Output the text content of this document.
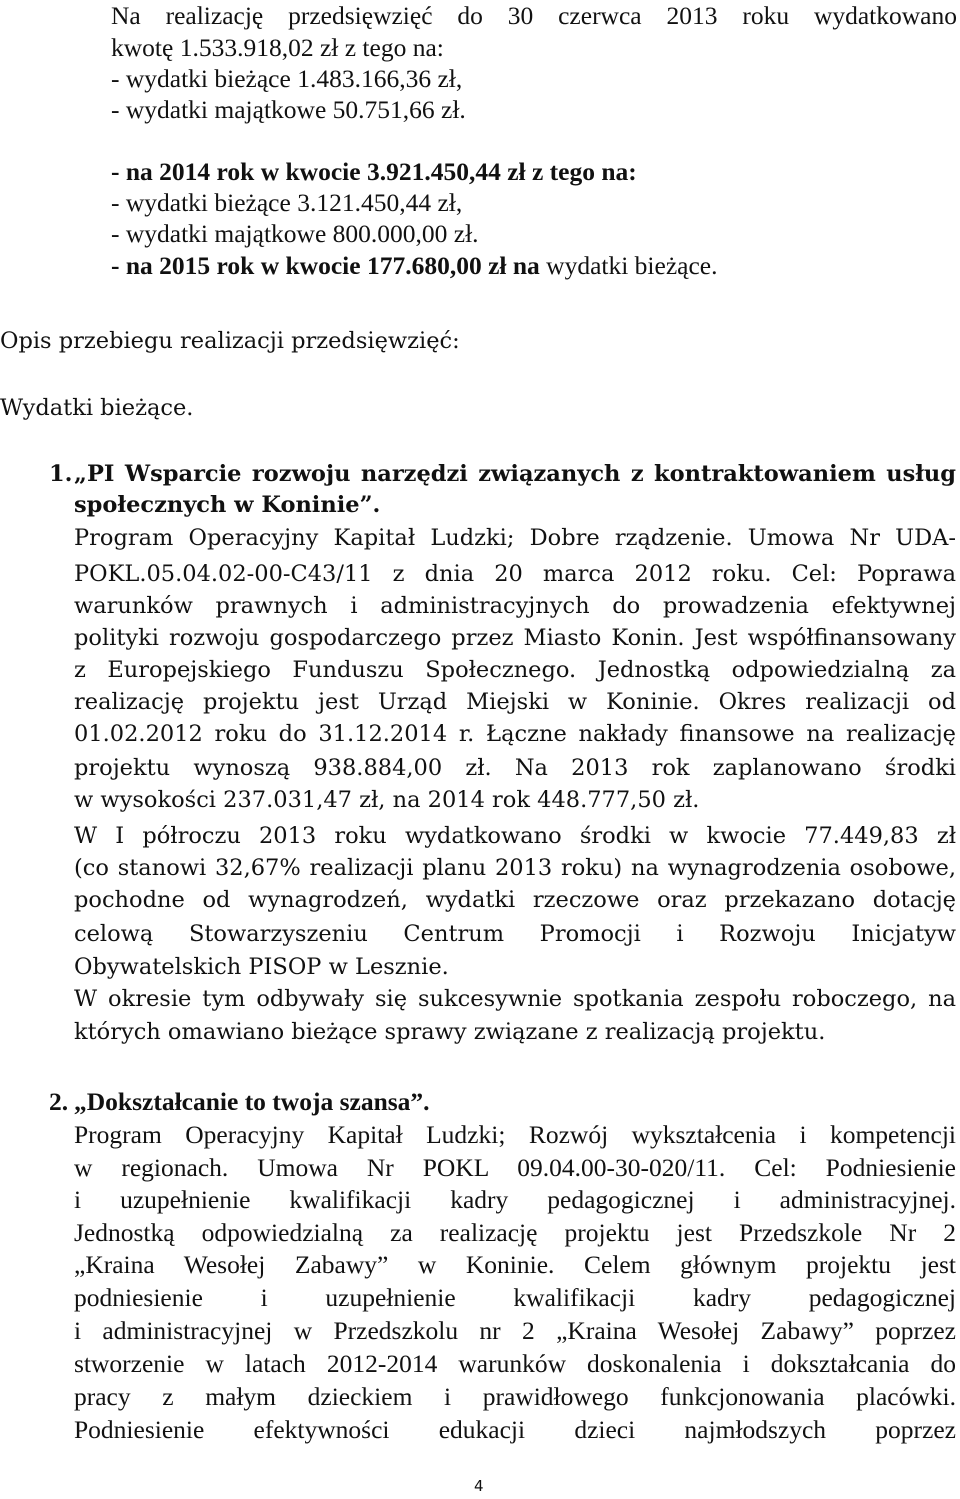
Na realizację przedsięwzięć do 30 czerwca 2013 roku wydatkowano
kwotę 1.533.918,02 zł z tego na:
- wydatki bieżące 1.483.166,36 zł,
- wydatki majątkowe 50.751,66 zł.
- na 2014 rok w kwocie 3.921.450,44 zł z tego na:
- wydatki bieżące 3.121.450,44 zł,
- wydatki majątkowe 800.000,00 zł.
- na 2015 rok w kwocie 177.680,00 zł na wydatki bieżące.
Opis przebiegu realizacji przedsięwzięć:
Wydatki bieżące.
1. „PI Wsparcie rozwoju narzędzi związanych z kontraktowaniem usług
społecznych w Koninie”.
Program Operacyjny Kapitał Ludzki; Dobre rządzenie. Umowa Nr UDA-
POKL.05.04.02-00-C43/11 z dnia 20 marca 2012 roku. Cel: Poprawa
warunków prawnych i administracyjnych do prowadzenia efektywnej
polityki rozwoju gospodarczego przez Miasto Konin. Jest współfinansowany
z Europejskiego Funduszu Społecznego. Jednostką odpowiedzialną za
realizację projektu jest Urząd Miejski w Koninie. Okres realizacji od
01.02.2012 roku do 31.12.2014 r. Łączne nakłady finansowe na realizację
projektu wynoszą 938.884,00 zł. Na 2013 rok zaplanowano środki
w wysokości 237.031,47 zł, na 2014 rok 448.777,50 zł.
W I półroczu 2013 roku wydatkowano środki w kwocie 77.449,83 zł
(co stanowi 32,67% realizacji planu 2013 roku) na wynagrodzenia osobowe,
pochodne od wynagrodzeń, wydatki rzeczowe oraz przekazano dotację
celową Stowarzyszeniu Centrum Promocji i Rozwoju Inicjatyw
Obywatelskich PISOP w Lesznie.
W okresie tym odbywały się sukcesywnie spotkania zespołu roboczego, na
których omawiano bieżące sprawy związane z realizacją projektu.
2. „Dokształcanie to twoja szansa”.
Program Operacyjny Kapitał Ludzki; Rozwój wykształcenia i kompetencji
w regionach. Umowa Nr POKL 09.04.00-30-020/11. Cel: Podniesienie
i uzupełnienie kwalifikacji kadry pedagogicznej i administracyjnej.
Jednostką odpowiedzialną za realizację projektu jest Przedszkole Nr 2
„Kraina Wesołej Zabawy” w Koninie. Celem głównym projektu jest
podniesienie i uzupełnienie kwalifikacji kadry pedagogicznej
i administracyjnej w Przedszkolu nr 2 „Kraina Wesołej Zabawy” poprzez
stworzenie w latach 2012-2014 warunków doskonalenia i dokształcania do
pracy z małym dzieckiem i prawidłowego funkcjonowania placówki.
Podniesienie efektywności edukacji dzieci najmłodszych poprzez
4
